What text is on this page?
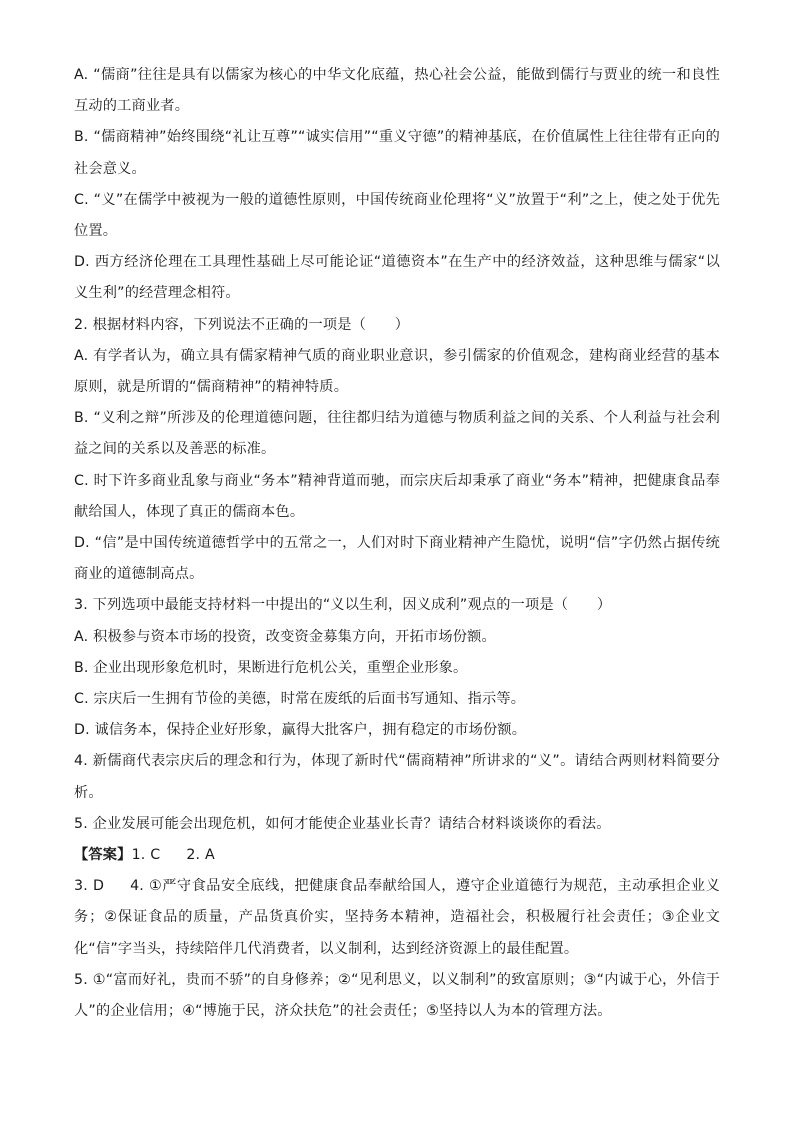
A. “儒商”往往是具有以儒家为核心的中华文化底蕴，热心社会公益，能做到儒行与贾业的统一和良性互动的工商业者。

B. “儒商精神”始终围绕“礼让互尊”“诚实信用”“重义守德”的精神基底，在价值属性上往往带有正向的社会意义。

C. “义”在儒学中被视为一般的道德性原则，中国传统商业伦理将“义”放置于“利”之上，使之处于优先位置。

D. 西方经济伦理在工具理性基础上尽可能论证“道德资本”在生产中的经济效益，这种思维与儒家“以义生利”的经营理念相符。

2. 根据材料内容，下列说法不正确的一项是（　　）

A. 有学者认为，确立具有儒家精神气质的商业职业意识，参引儒家的价值观念，建构商业经营的基本原则，就是所谓的“儒商精神”的精神特质。

B. “义利之辩”所涉及的伦理道德问题，往往都归结为道德与物质利益之间的关系、个人利益与社会利益之间的关系以及善恶的标准。

C. 时下许多商业乱象与商业“务本”精神背道而驰，而宗庆后却秉承了商业“务本”精神，把健康食品奉献给国人，体现了真正的儒商本色。

D. “信”是中国传统道德哲学中的五常之一，人们对时下商业精神产生隐忧，说明“信”字仍然占据传统商业的道德制高点。

3. 下列选项中最能支持材料一中提出的“义以生利，因义成利”观点的一项是（　　）

A. 积极参与资本市场的投资，改变资金募集方向，开拓市场份额。

B. 企业出现形象危机时，果断进行危机公关，重塑企业形象。

C. 宗庆后一生拥有节俭的美德，时常在废纸的后面书写通知、指示等。

D. 诚信务本，保持企业好形象，赢得大批客户，拥有稳定的市场份额。

4. 新儒商代表宗庆后的理念和行为，体现了新时代“儒商精神”所讲求的“义”。请结合两则材料简要分析。

5. 企业发展可能会出现危机，如何才能使企业基业长青？请结合材料谈谈你的看法。

【答案】1. C 2. A

3. D 4. ①严守食品安全底线，把健康食品奉献给国人，遵守企业道德行为规范，主动承担企业义务；②保证食品的质量，产品货真价实，坚持务本精神，造福社会，积极履行社会责任；③企业文化“信”字当头，持续陪伴几代消费者，以义制利，达到经济资源上的最佳配置。

5. ①“富而好礼，贵而不骄”的自身修养；②“见利思义，以义制利”的致富原则；③“内诚于心，外信于人”的企业信用；④“博施于民，济众扶危”的社会责任；⑤坚持以人为本的管理方法。
